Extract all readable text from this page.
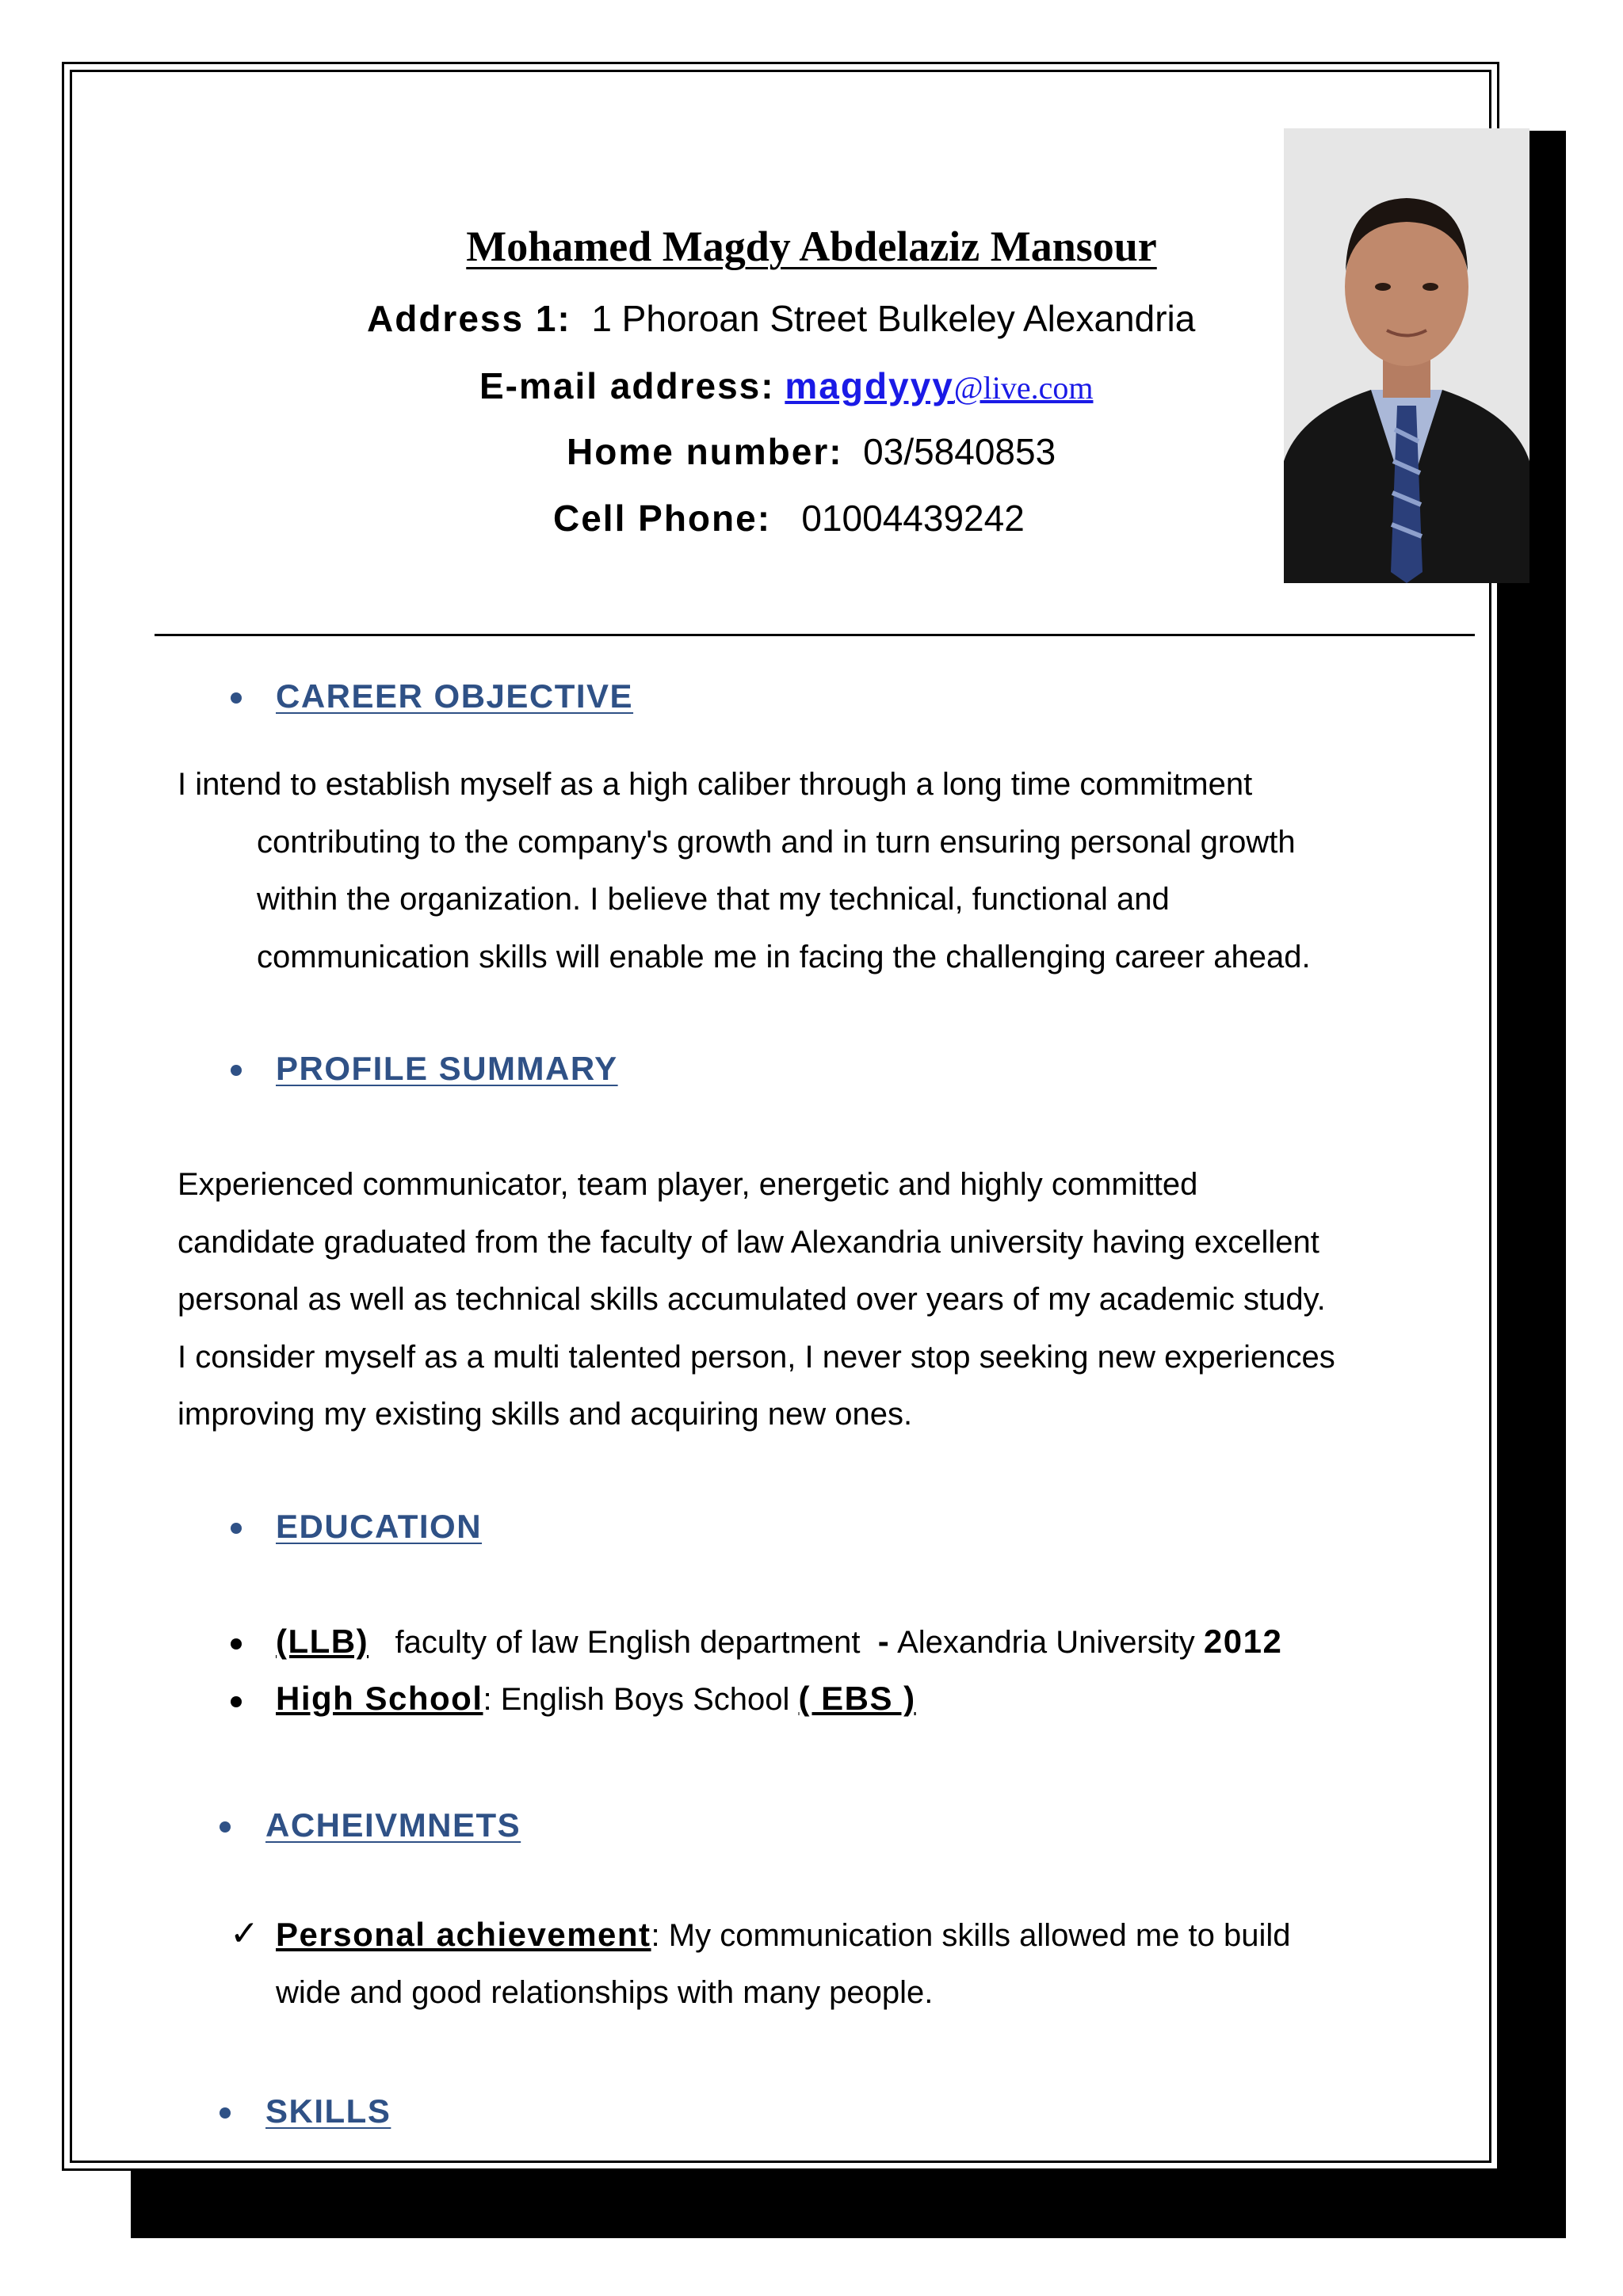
Mohamed Magdy Abdelaziz Mansour
Address 1: 1 Phoroan Street Bulkeley Alexandria
E-mail address: magdyyy@live.com
Home number: 03/5840853
Cell Phone: 01004439242
CAREER OBJECTIVE
I intend to establish myself as a high caliber through a long time commitment
contributing to the company's growth and in turn ensuring personal growth
within the organization. I believe that my technical, functional and
communication skills will enable me in facing the challenging career ahead.
PROFILE SUMMARY
Experienced communicator, team player, energetic and highly committed
candidate graduated from the faculty of law Alexandria university having excellent
personal as well as technical skills accumulated over years of my academic study.
I consider myself as a multi talented person, I never stop seeking new experiences
improving my existing skills and acquiring new ones.
EDUCATION
(LLB) faculty of law English department - Alexandria University 2012
High School: English Boys School ( EBS )
ACHEIVMNETS
✓ Personal achievement: My communication skills allowed me to build
wide and good relationships with many people.
SKILLS
